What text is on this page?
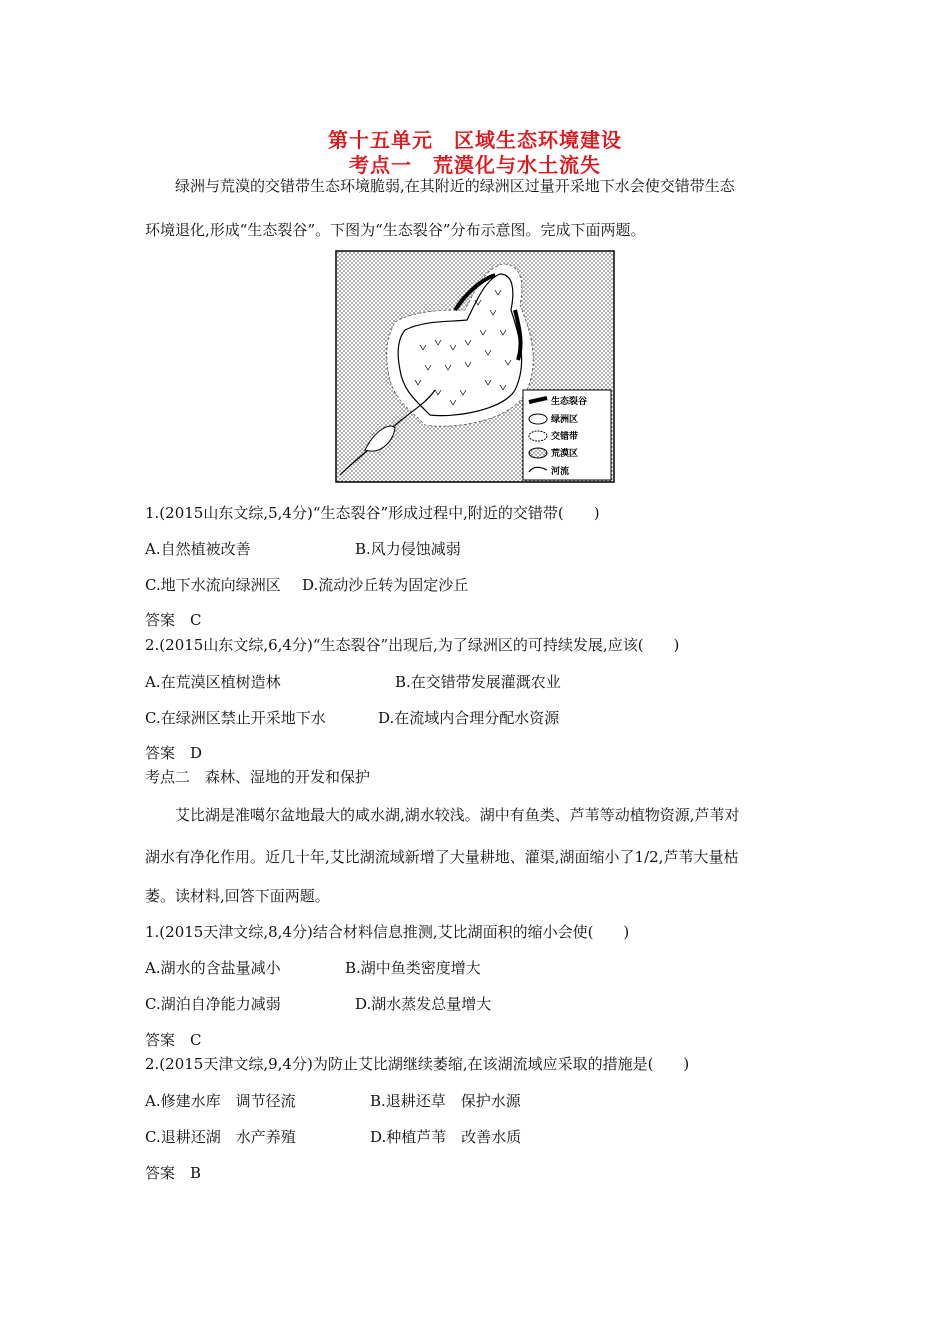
第十五单元　区域生态环境建设
考点一　荒漠化与水土流失
绿洲与荒漠的交错带生态环境脆弱,在其附近的绿洲区过量开采地下水会使交错带生态
环境退化,形成“生态裂谷”。下图为“生态裂谷”分布示意图。完成下面两题。
生态裂谷
绿洲区
交错带
荒漠区
河流
1.(2015山东文综,5,4分)“生态裂谷”形成过程中,附近的交错带(　　)
A.自然植被改善	B.风力侵蚀减弱
C.地下水流向绿洲区 D.流动沙丘转为固定沙丘
答案　C
2.(2015山东文综,6,4分)“生态裂谷”出现后,为了绿洲区的可持续发展,应该(　　)
A.在荒漠区植树造林	B.在交错带发展灌溉农业
C.在绿洲区禁止开采地下水	D.在流域内合理分配水资源
答案　D
考点二　森林、湿地的开发和保护
艾比湖是准噶尔盆地最大的咸水湖,湖水较浅。湖中有鱼类、芦苇等动植物资源,芦苇对
湖水有净化作用。近几十年,艾比湖流域新增了大量耕地、灌渠,湖面缩小了1/2,芦苇大量枯
萎。读材料,回答下面两题。
1.(2015天津文综,8,4分)结合材料信息推测,艾比湖面积的缩小会使(　　)
A.湖水的含盐量减小	B.湖中鱼类密度增大
C.湖泊自净能力减弱	D.湖水蒸发总量增大
答案　C
2.(2015天津文综,9,4分)为防止艾比湖继续萎缩,在该湖流域应采取的措施是(　　)
A.修建水库　调节径流	B.退耕还草　保护水源
C.退耕还湖　水产养殖	D.种植芦苇　改善水质
答案　B
